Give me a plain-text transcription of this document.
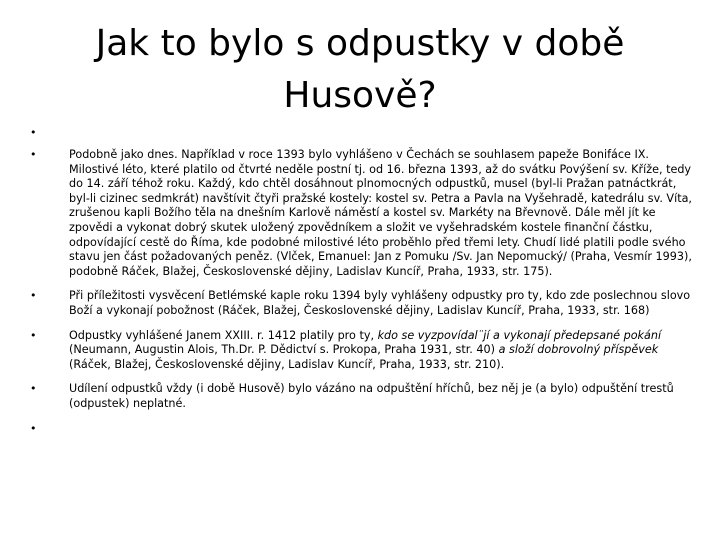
Jak to bylo s odpustky v době
Husově?
•
•	Podobně jako dnes. Například v roce 1393 bylo vyhlášeno v Čechách se souhlasem papeže Bonifáce IX. Milostivé léto, které platilo od čtvrté neděle postní tj. od 16. března 1393, až do svátku Povýšení sv. Kříže, tedy do 14. září téhož roku. Každý, kdo chtěl dosáhnout plnomocných odpustků, musel (byl-li Pražan patnáctkrát, byl-li cizinec sedmkrát) navštívit čtyři pražské kostely: kostel sv. Petra a Pavla na Vyšehradě, katedrálu sv. Víta, zrušenou kapli Božího těla na dnešním Karlově náměstí a kostel sv. Markéty na Břevnově. Dále měl jít ke zpovědi a vykonat dobrý skutek uložený zpovědníkem a složit ve vyšehradském kostele finanční částku, odpovídající cestě do Říma, kde podobné milostivé léto proběhlo před třemi lety. Chudí lidé platili podle svého stavu jen část požadovaných peněz. (Vlček, Emanuel: Jan z Pomuku /Sv. Jan Nepomucký/ (Praha, Vesmír 1993), podobně Ráček, Blažej, Československé dějiny, Ladislav Kuncíř, Praha, 1933, str. 175).
•	Při příležitosti vysvěcení Betlémské kaple roku 1394 byly vyhlášeny odpustky pro ty, kdo zde poslechnou slovo Boží a vykonají pobožnost (Ráček, Blažej, Československé dějiny, Ladislav Kuncíř, Praha, 1933, str. 168)
•	Odpustky vyhlášené Janem XXIII. r. 1412 platily pro ty, kdo se vyzpovídal¨jí a vykonají předepsané pokání (Neumann, Augustin Alois, Th.Dr. P. Dědictví s. Prokopa, Praha 1931, str. 40) a složí dobrovolný příspěvek (Ráček, Blažej, Československé dějiny, Ladislav Kuncíř, Praha, 1933, str. 210).
•	Udílení odpustků vždy (i době Husově) bylo vázáno na odpuštění hříchů, bez něj je (a bylo) odpuštění trestů (odpustek) neplatné.
•
